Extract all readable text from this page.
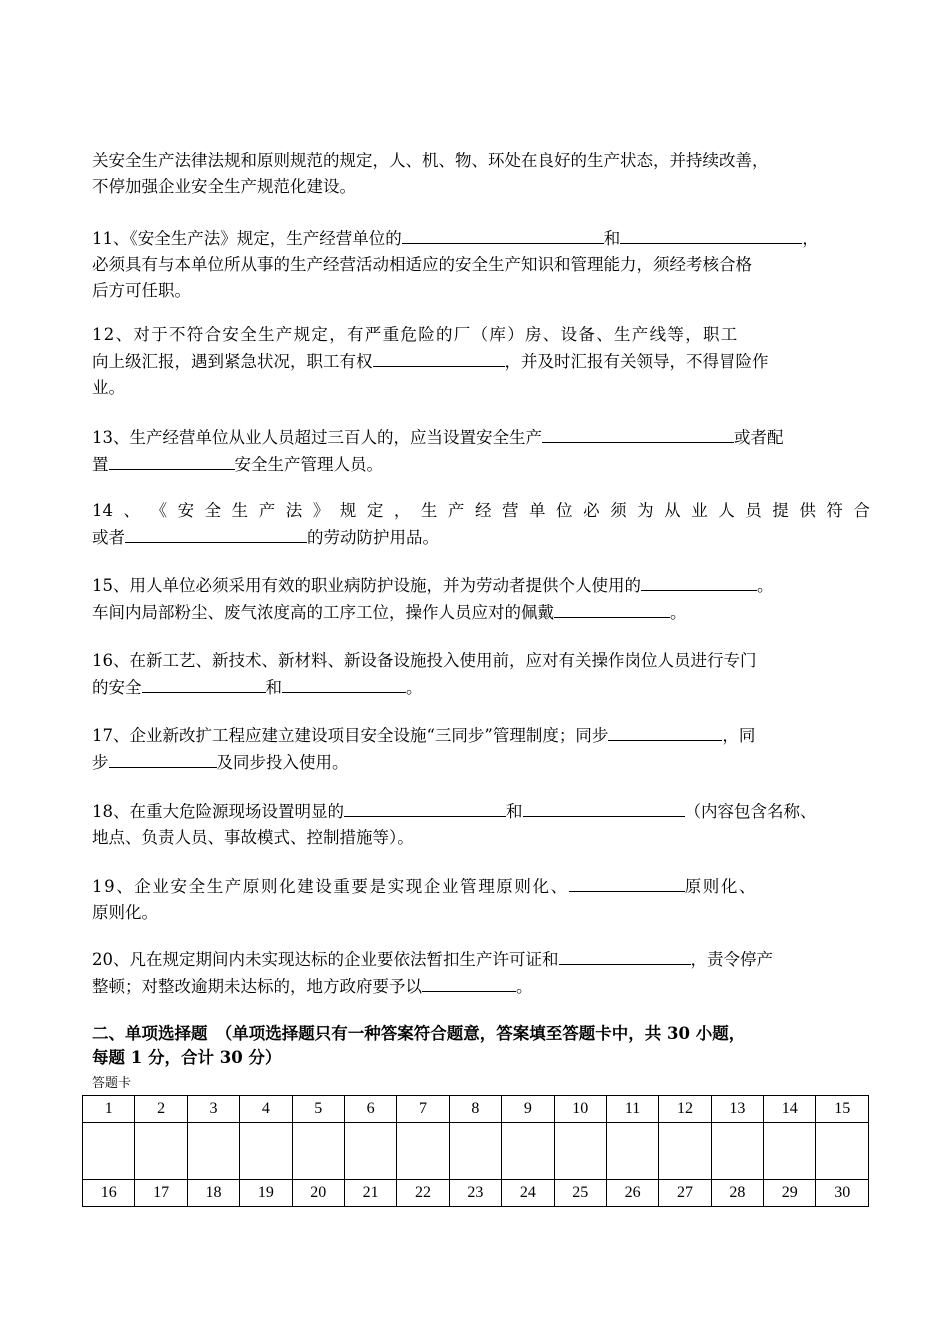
关安全生产法律法规和原则规范的规定，人、机、物、环处在良好的生产状态，并持续改善，
不停加强企业安全生产规范化建设。
11、《安全生产法》规定，生产经营单位的	和	，
必须具有与本单位所从事的生产经营活动相适应的安全生产知识和管理能力，须经考核合格
后方可任职。
12、对于不符合安全生产规定，有严重危险的厂（库）房、设备、生产线等，职工
向上级汇报，遇到紧急状况，职工有权	，并及时汇报有关领导，不得冒险作
业。
13、生产经营单位从业人员超过三百人的，应当设置安全生产	或者配
置	安全生产管理人员。
14 、 《 安 全 生 产 法 》 规 定 ， 生 产 经 营 单 位 必 须 为 从 业 人 员 提 供 符 合
或者	的劳动防护用品。
15、用人单位必须采用有效的职业病防护设施，并为劳动者提供个人使用的	。
车间内局部粉尘、废气浓度高的工序工位，操作人员应对的佩戴	。
16、在新工艺、新技术、新材料、新设备设施投入使用前，应对有关操作岗位人员进行专门
的安全	和	。
17、企业新改扩工程应建立建设项目安全设施“三同步”管理制度；同步	，同
步	及同步投入使用。
18、在重大危险源现场设置明显的	和	（内容包含名称、
地点、负责人员、事故模式、控制措施等）。
19、企业安全生产原则化建设重要是实现企业管理原则化、	原则化、
原则化。
20、凡在规定期间内未实现达标的企业要依法暂扣生产许可证和	，责令停产
整顿；对整改逾期未达标的，地方政府要予以	。
二、单项选择题　（单项选择题只有一种答案符合题意，答案填至答题卡中，共 30 小题，
每题 1 分，合计 30 分）
答题卡
1	2	3	4	5	6	7	8	9	10	11	12	13	14	15

16	17	18	19	20	21	22	23	24	25	26	27	28	29	30
